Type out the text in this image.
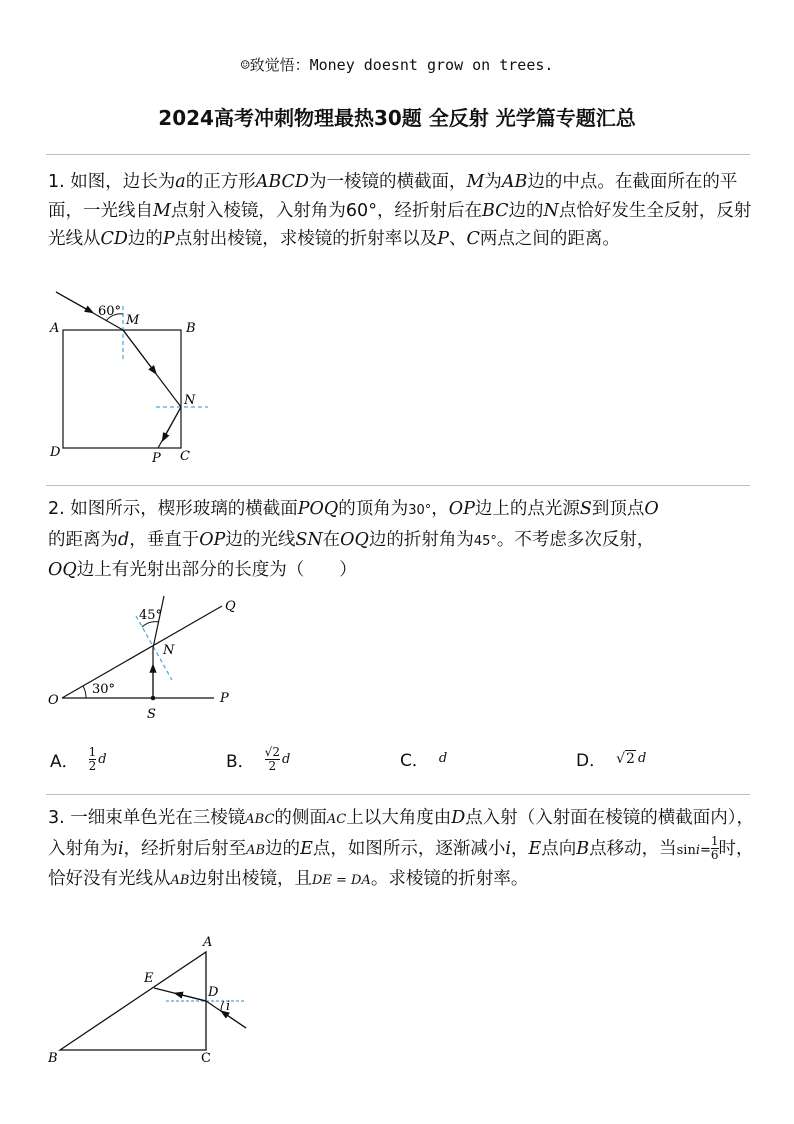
☺致觉悟：Money doesnt grow on trees.
2024高考冲刺物理最热30题 全反射 光学篇专题汇总
1. 如图，边长为a的正方形ABCD为一棱镜的横截面，M为AB边的中点。在截面所在的平面，一光线自M点射入棱镜，入射角为60°，经折射后在BC边的N点恰好发生全反射，反射光线从CD边的P点射出棱镜，求棱镜的折射率以及P、C两点之间的距离。
60°
A	B
M
N
D	P C
2. 如图所示，楔形玻璃的横截面POQ的顶角为30°，OP边上的点光源S到顶点O
的距离为d，垂直于OP边的光线SN在OQ边的折射角为45°。不考虑多次反射，
OQ边上有光射出部分的长度为（　　）
45°
30°
O	P
Q
N
S
A． $\frac{1}{2}$ d	B． $\frac{√2}{2}$ d	C． d	D． √2 d
3. 一细束单色光在三棱镜ABC的侧面AC上以大角度由D点入射（入射面在棱镜的横截面内），入射角为i，经折射后射至AB边的E点，如图所示，逐渐减小i，E点向B点移动，当$\sin i= \frac{1}{6}$ 时，恰好没有光线从AB边射出棱镜，且DE = DA。求棱镜的折射率。
A
B	C
D
E
i
